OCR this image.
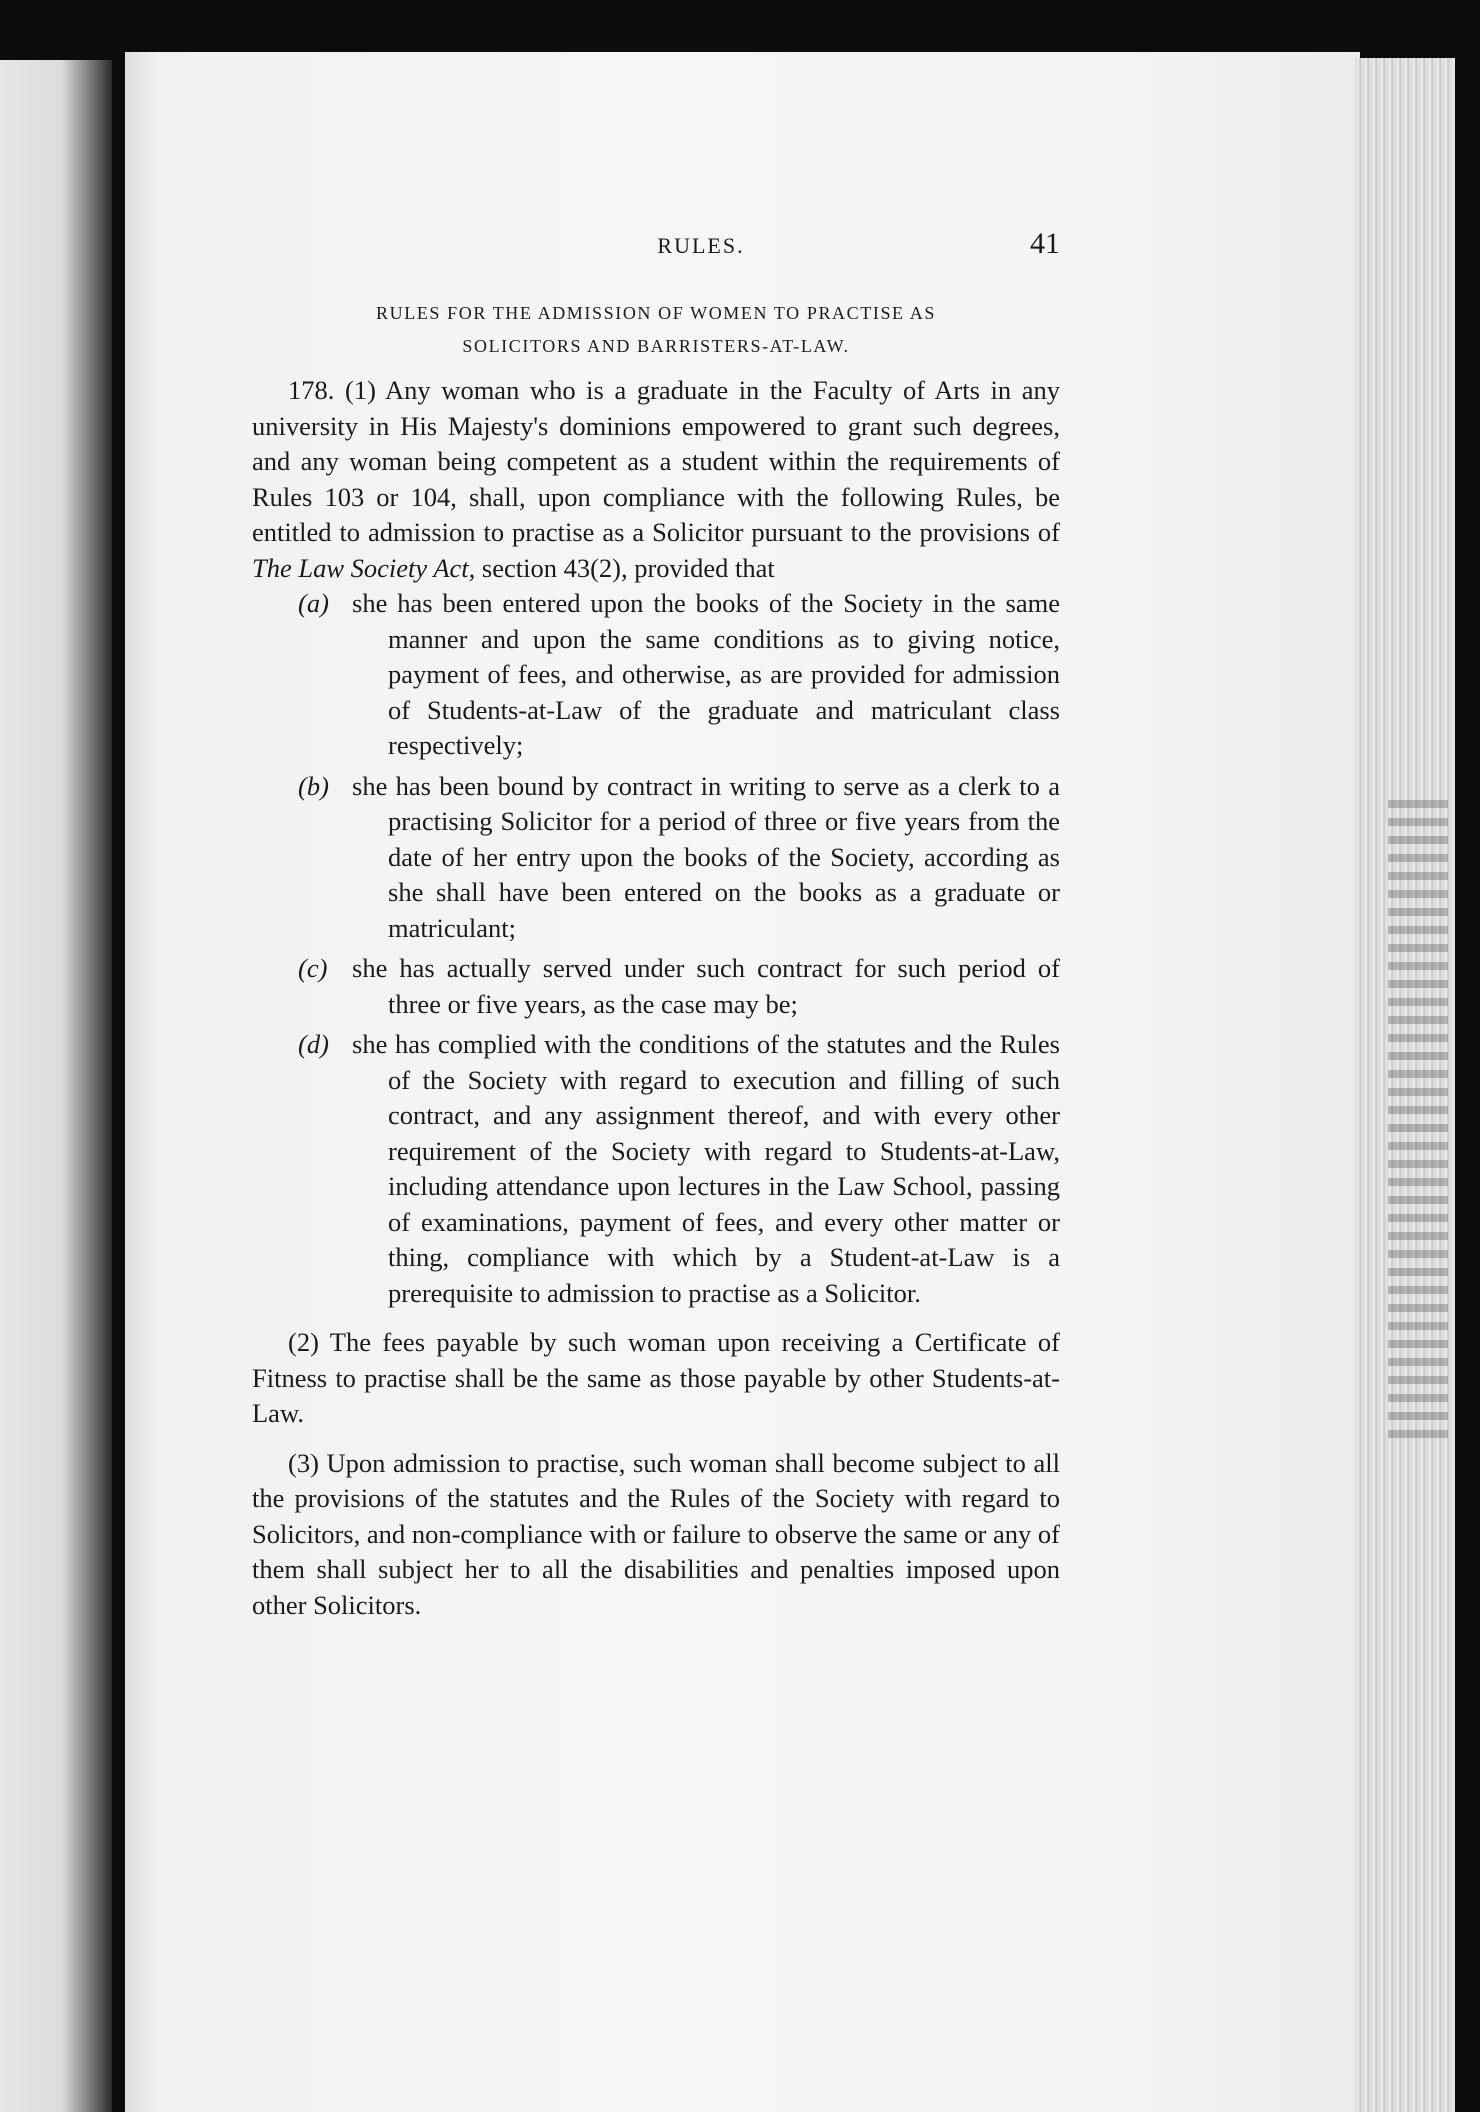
RULES.	41
RULES FOR THE ADMISSION OF WOMEN TO PRACTISE AS
SOLICITORS AND BARRISTERS-AT-LAW.

178. (1) Any woman who is a graduate in the Faculty of Arts in any university in His Majesty's dominions empowered to grant such degrees, and any woman being competent as a student within the requirements of Rules 103 or 104, shall, upon compliance with the following Rules, be entitled to admission to practise as a Solicitor pursuant to the provisions of The Law Society Act, section 43(2), provided that

(a) she has been entered upon the books of the Society in the same manner and upon the same conditions as to giving notice, payment of fees, and otherwise, as are provided for admission of Students-at-Law of the graduate and matriculant class respectively;

(b) she has been bound by contract in writing to serve as a clerk to a practising Solicitor for a period of three or five years from the date of her entry upon the books of the Society, according as she shall have been entered on the books as a graduate or matriculant;

(c) she has actually served under such contract for such period of three or five years, as the case may be;

(d) she has complied with the conditions of the statutes and the Rules of the Society with regard to execution and filling of such contract, and any assignment thereof, and with every other requirement of the Society with regard to Students-at-Law, including attendance upon lectures in the Law School, passing of examinations, payment of fees, and every other matter or thing, compliance with which by a Student-at-Law is a prerequisite to admission to practise as a Solicitor.

(2) The fees payable by such woman upon receiving a Certificate of Fitness to practise shall be the same as those payable by other Students-at-Law.

(3) Upon admission to practise, such woman shall become subject to all the provisions of the statutes and the Rules of the Society with regard to Solicitors, and non-compliance with or failure to observe the same or any of them shall subject her to all the disabilities and penalties imposed upon other Solicitors.
